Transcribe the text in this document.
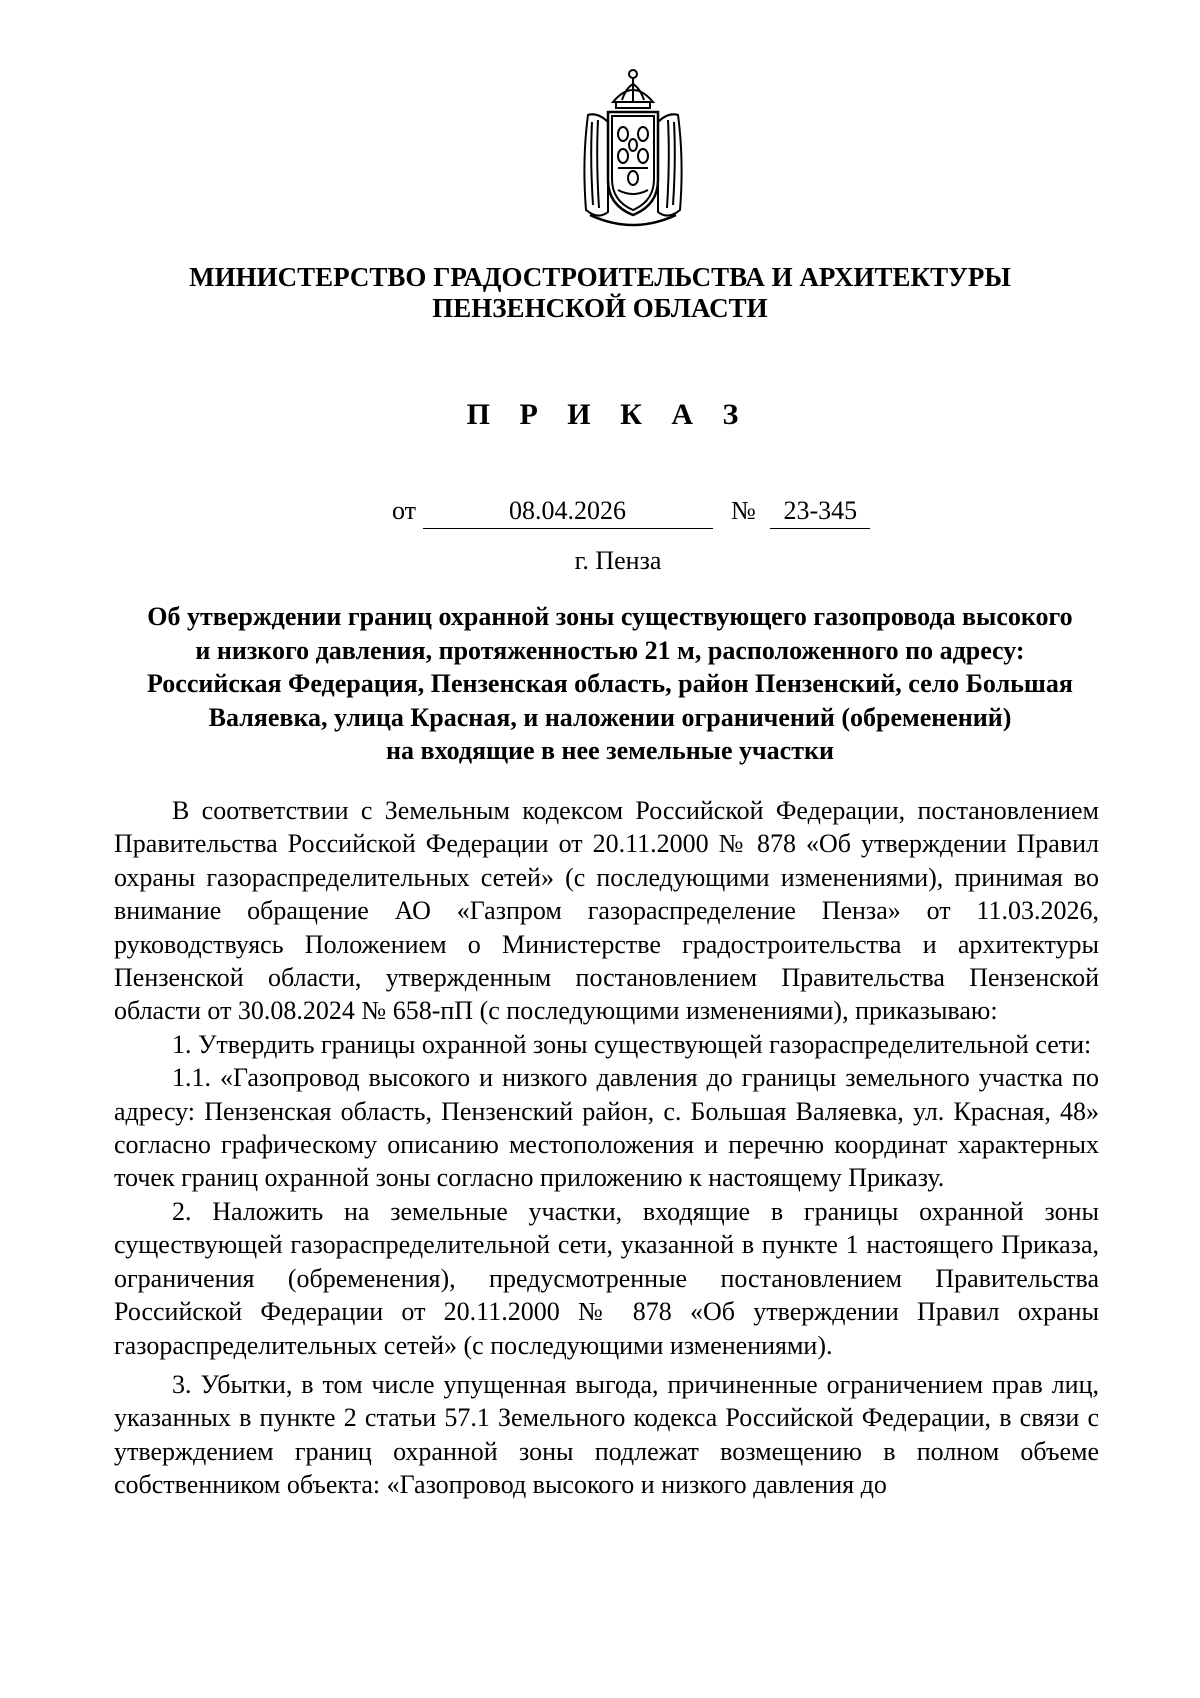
МИНИСТЕРСТВО ГРАДОСТРОИТЕЛЬСТВА И АРХИТЕКТУРЫ
ПЕНЗЕНСКОЙ ОБЛАСТИ
П Р И К А З
от	08.04.2026	№ 23-345
г. Пенза
Об утверждении границ охранной зоны существующего газопровода высокого
и низкого давления, протяженностью 21 м, расположенного по адресу:
Российская Федерация, Пензенская область, район Пензенский, село Большая
Валяевка, улица Красная, и наложении ограничений (обременений)
на входящие в нее земельные участки

В соответствии с Земельным кодексом Российской Федерации, постановлением Правительства Российской Федерации от 20.11.2000 № 878 «Об утверждении Правил охраны газораспределительных сетей» (с последующими изменениями), принимая во внимание обращение АО «Газпром газораспределение Пенза» от 11.03.2026, руководствуясь Положением о Министерстве градостроительства и архитектуры Пензенской области, утвержденным постановлением Правительства Пензенской области от 30.08.2024 № 658-пП (с последующими изменениями), приказываю:

1. Утвердить границы охранной зоны существующей газораспределительной сети:

1.1. «Газопровод высокого и низкого давления до границы земельного участка по адресу: Пензенская область, Пензенский район, с. Большая Валяевка, ул. Красная, 48» согласно графическому описанию местоположения и перечню координат характерных точек границ охранной зоны согласно приложению к настоящему Приказу.

2. Наложить на земельные участки, входящие в границы охранной зоны существующей газораспределительной сети, указанной в пункте 1 настоящего Приказа, ограничения (обременения), предусмотренные постановлением Правительства Российской Федерации от 20.11.2000 № 878 «Об утверждении Правил охраны газораспределительных сетей» (с последующими изменениями).

3. Убытки, в том числе упущенная выгода, причиненные ограничением прав лиц, указанных в пункте 2 статьи 57.1 Земельного кодекса Российской Федерации, в связи с утверждением границ охранной зоны подлежат возмещению в полном объеме собственником объекта: «Газопровод высокого и низкого давления до
